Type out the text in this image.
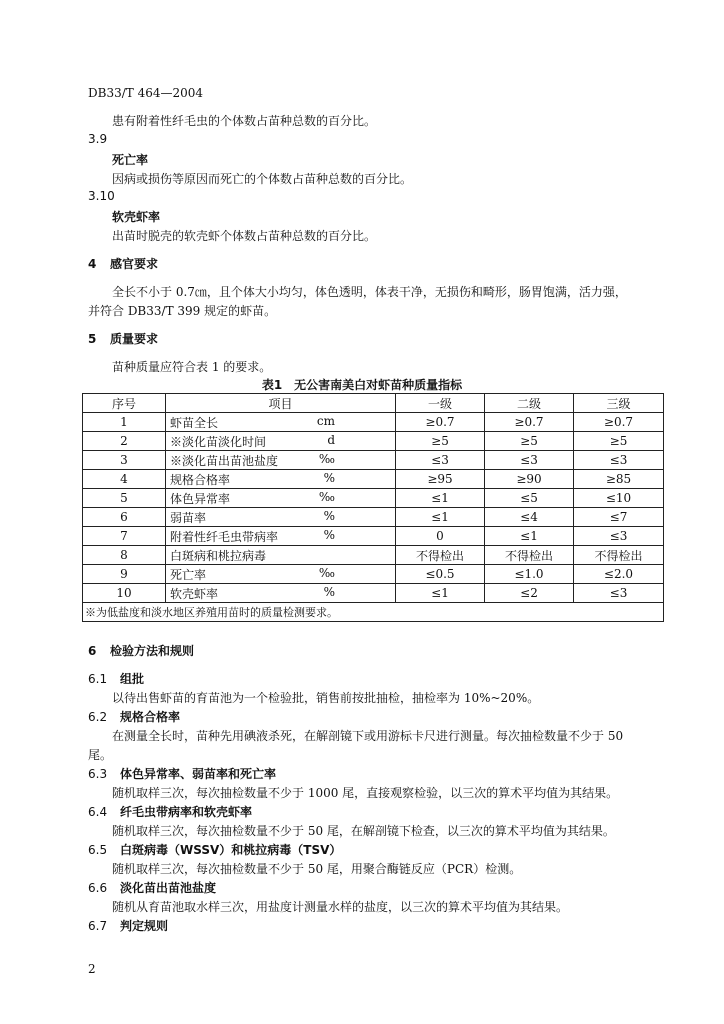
DB33/T 464—2004
患有附着性纤毛虫的个体数占苗种总数的百分比。
3.9
死亡率
因病或损伤等原因而死亡的个体数占苗种总数的百分比。
3.10
软壳虾率
出苗时脱壳的软壳虾个体数占苗种总数的百分比。
4 感官要求
全长不小于 0.7㎝，且个体大小均匀，体色透明，体表干净，无损伤和畸形，肠胃饱满，活力强，
并符合 DB33/T 399 规定的虾苗。
5 质量要求
苗种质量应符合表 1 的要求。
表1　无公害南美白对虾苗种质量指标
序号	项目	一级	二级	三级
1	虾苗全长 cm	≥0.7	≥0.7	≥0.7
2	※淡化苗淡化时间 d	≥5	≥5	≥5
3	※淡化苗出苗池盐度 ‰	≤3	≤3	≤3
4	规格合格率 %	≥95	≥90	≥85
5	体色异常率 ‰	≤1	≤5	≤10
6	弱苗率 %	≤1	≤4	≤7
7	附着性纤毛虫带病率 %	0	≤1	≤3
8	白斑病和桃拉病毒	不得检出	不得检出	不得检出
9	死亡率 ‰	≤0.5	≤1.0	≤2.0
10	软壳虾率 %	≤1	≤2	≤3
※为低盐度和淡水地区养殖用苗时的质量检测要求。				
6 检验方法和规则
6.1 组批
以待出售虾苗的育苗池为一个检验批，销售前按批抽检，抽检率为 10%~20%。
6.2 规格合格率
在测量全长时，苗种先用碘液杀死，在解剖镜下或用游标卡尺进行测量。每次抽检数量不少于 50
尾。
6.3 体色异常率、弱苗率和死亡率
随机取样三次，每次抽检数量不少于 1000 尾，直接观察检验，以三次的算术平均值为其结果。
6.4 纤毛虫带病率和软壳虾率
随机取样三次，每次抽检数量不少于 50 尾，在解剖镜下检查，以三次的算术平均值为其结果。
6.5 白斑病毒（WSSV）和桃拉病毒（TSV）
随机取样三次，每次抽检数量不少于 50 尾，用聚合酶链反应（PCR）检测。
6.6 淡化苗出苗池盐度
随机从育苗池取水样三次，用盐度计测量水样的盐度，以三次的算术平均值为其结果。
6.7 判定规则
2
